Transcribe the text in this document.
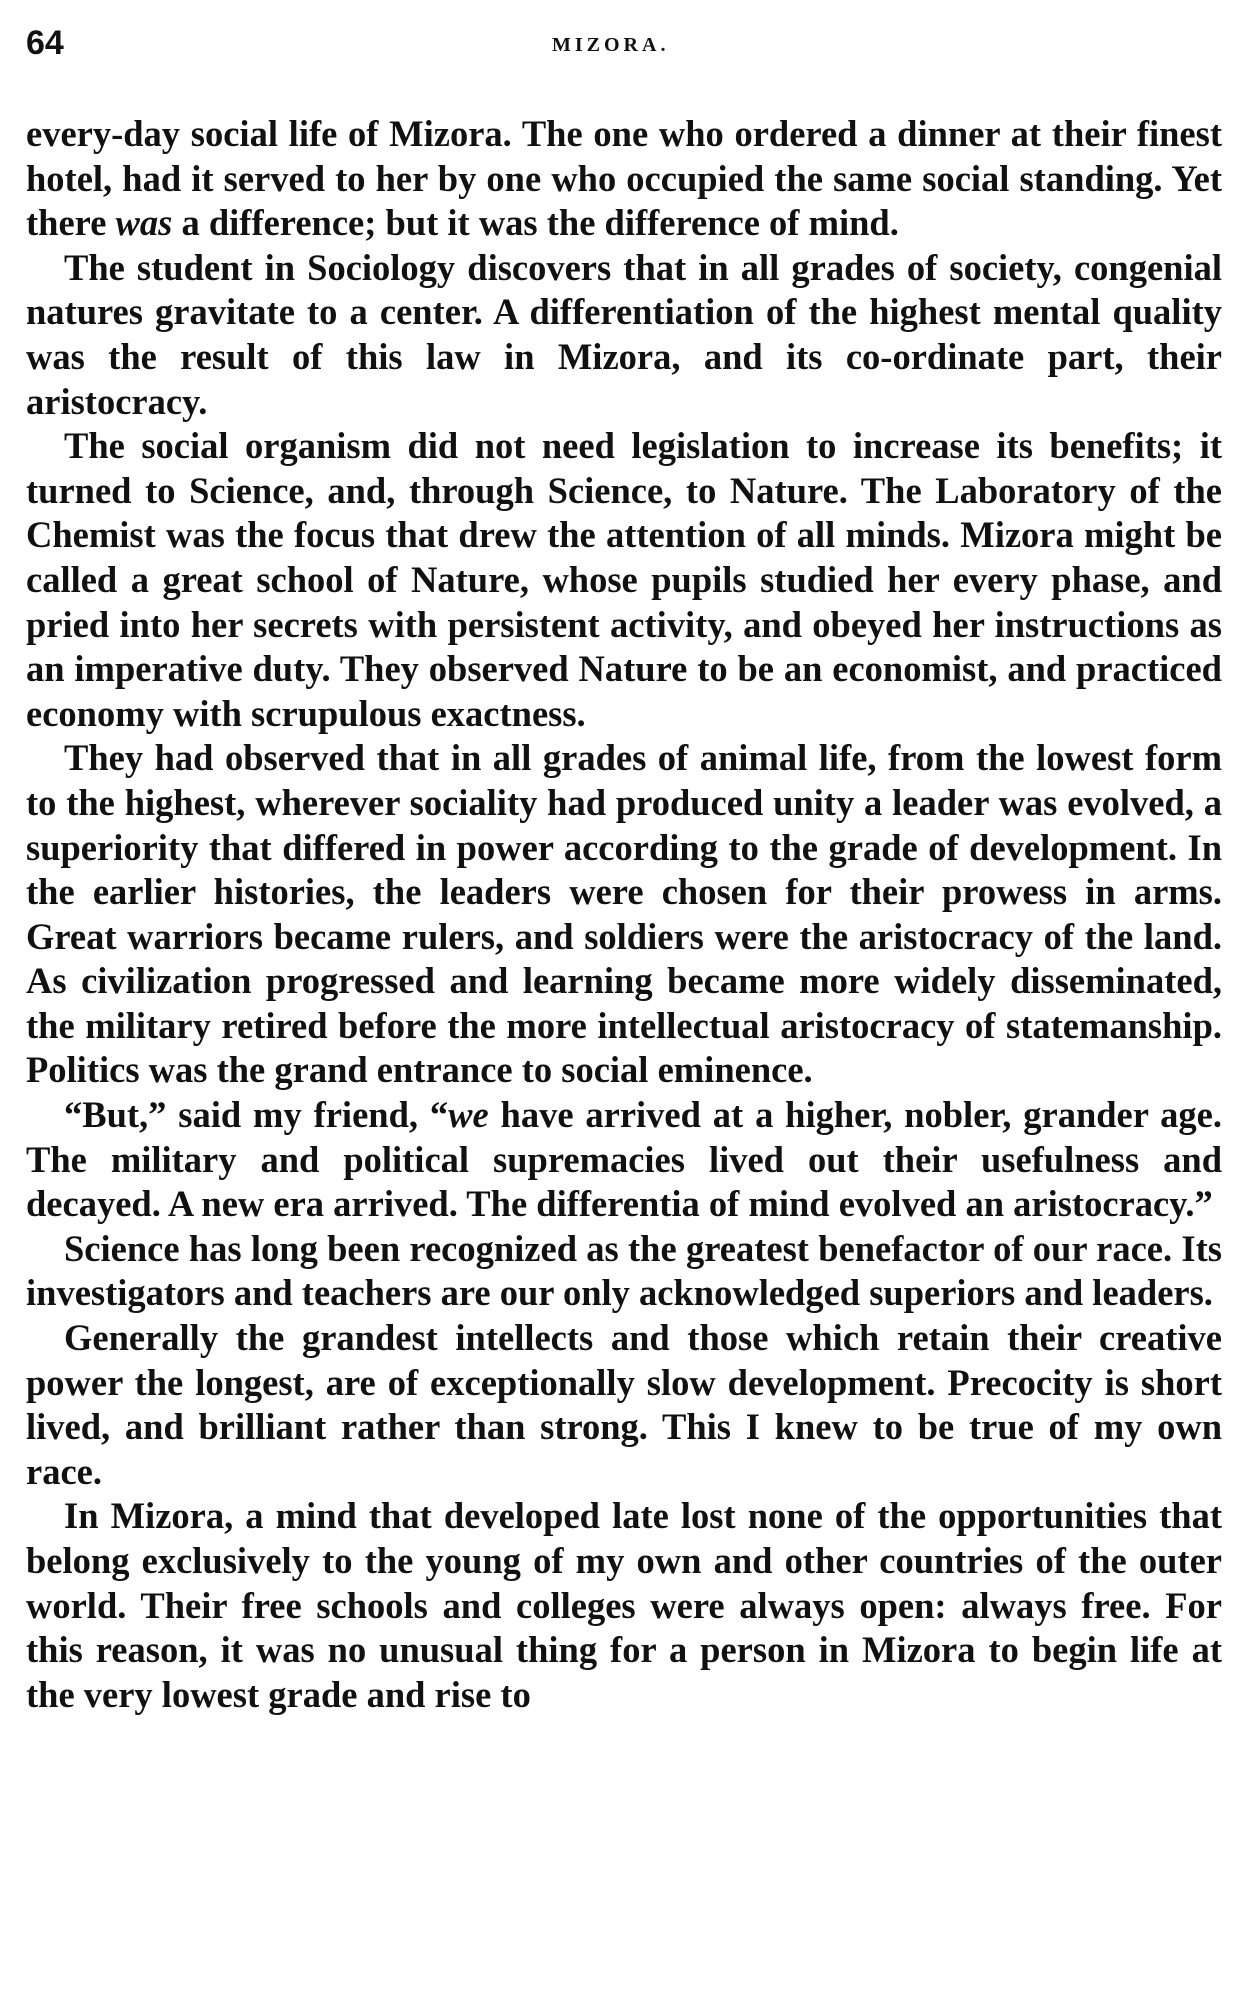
64	MIZORA.

every-day social life of Mizora. The one who ordered a dinner at their finest hotel, had it served to her by one who occupied the same social standing. Yet there was a difference; but it was the difference of mind.

The student in Sociology discovers that in all grades of society, congenial natures gravitate to a center. A differentiation of the highest mental quality was the result of this law in Mizora, and its co-ordinate part, their aristocracy.

The social organism did not need legislation to increase its benefits; it turned to Science, and, through Science, to Nature. The Laboratory of the Chemist was the focus that drew the attention of all minds. Mizora might be called a great school of Nature, whose pupils studied her every phase, and pried into her secrets with persistent activity, and obeyed her instructions as an imperative duty. They observed Nature to be an economist, and practiced economy with scrupulous exactness.

They had observed that in all grades of animal life, from the lowest form to the highest, wherever sociality had produced unity a leader was evolved, a superiority that differed in power according to the grade of development. In the earlier histories, the leaders were chosen for their prowess in arms. Great warriors became rulers, and soldiers were the aristocracy of the land. As civilization progressed and learning became more widely disseminated, the military retired before the more intellectual aristocracy of statemanship. Politics was the grand entrance to social eminence.

“But,” said my friend, “we have arrived at a higher, nobler, grander age. The military and political supremacies lived out their usefulness and decayed. A new era arrived. The differentia of mind evolved an aristocracy.”

Science has long been recognized as the greatest benefactor of our race. Its investigators and teachers are our only acknowledged superiors and leaders.

Generally the grandest intellects and those which retain their creative power the longest, are of exceptionally slow development. Precocity is short lived, and brilliant rather than strong. This I knew to be true of my own race.

In Mizora, a mind that developed late lost none of the opportunities that belong exclusively to the young of my own and other countries of the outer world. Their free schools and colleges were always open: always free. For this reason, it was no unusual thing for a person in Mizora to begin life at the very lowest grade and rise to
